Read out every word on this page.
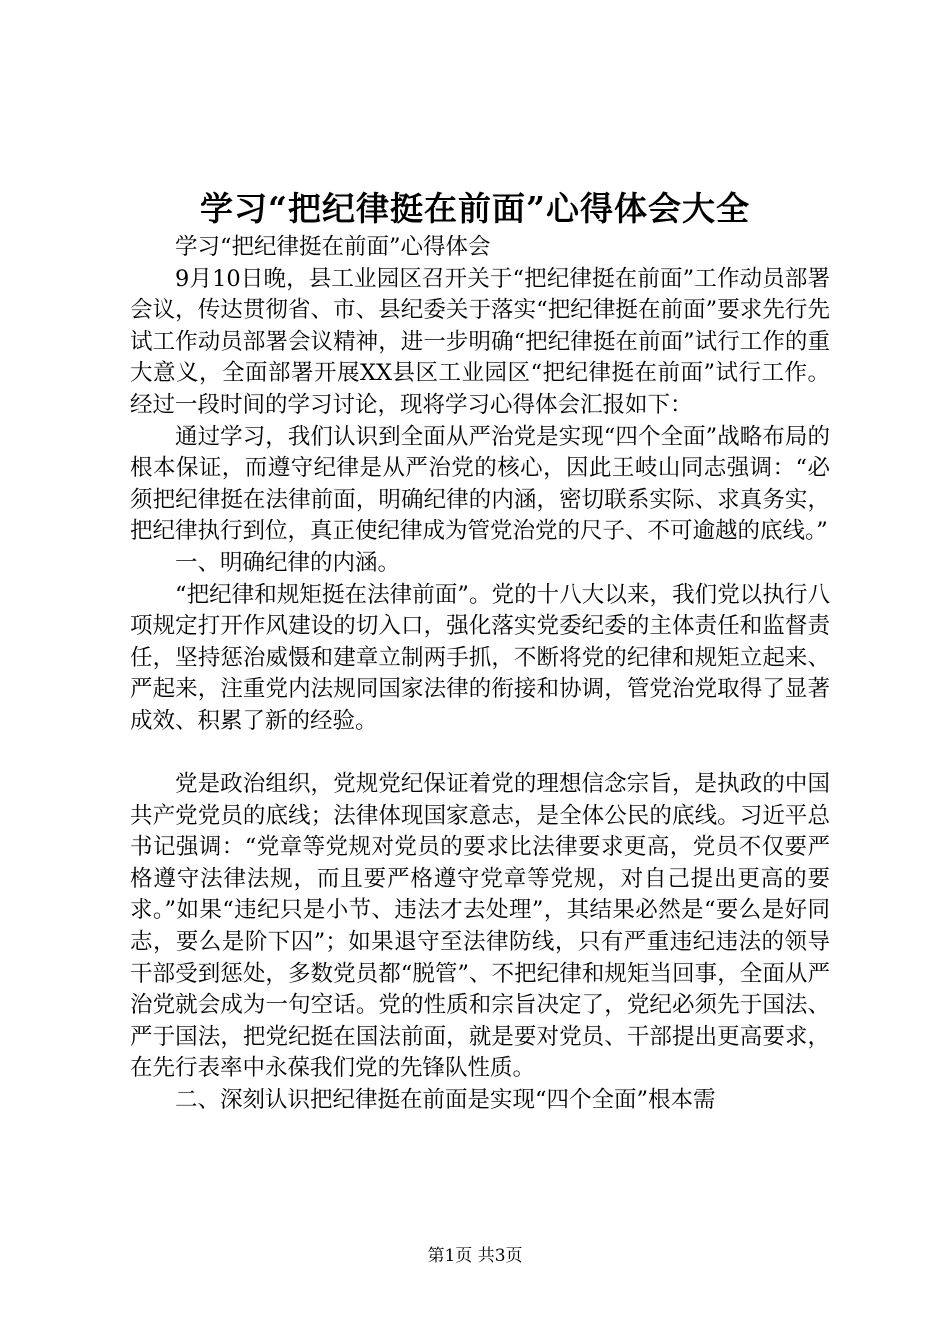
学习“把纪律挺在前面”心得体会大全

学习“把纪律挺在前面”心得体会

9月10日晚，县工业园区召开关于“把纪律挺在前面”工作动员部署会议，传达贯彻省、市、县纪委关于落实“把纪律挺在前面”要求先行先试工作动员部署会议精神，进一步明确“把纪律挺在前面”试行工作的重大意义，全面部署开展XX县区工业园区“把纪律挺在前面”试行工作。经过一段时间的学习讨论，现将学习心得体会汇报如下：

通过学习，我们认识到全面从严治党是实现“四个全面”战略布局的根本保证，而遵守纪律是从严治党的核心，因此王岐山同志强调：“必须把纪律挺在法律前面，明确纪律的内涵，密切联系实际、求真务实，把纪律执行到位，真正使纪律成为管党治党的尺子、不可逾越的底线。”

一、明确纪律的内涵。

“把纪律和规矩挺在法律前面”。党的十八大以来，我们党以执行八项规定打开作风建设的切入口，强化落实党委纪委的主体责任和监督责任，坚持惩治威慑和建章立制两手抓，不断将党的纪律和规矩立起来、严起来，注重党内法规同国家法律的衔接和协调，管党治党取得了显著成效、积累了新的经验。

党是政治组织，党规党纪保证着党的理想信念宗旨，是执政的中国共产党党员的底线；法律体现国家意志，是全体公民的底线。习近平总书记强调：“党章等党规对党员的要求比法律要求更高，党员不仅要严格遵守法律法规，而且要严格遵守党章等党规，对自己提出更高的要求。”如果“违纪只是小节、违法才去处理”，其结果必然是“要么是好同志，要么是阶下囚”；如果退守至法律防线，只有严重违纪违法的领导干部受到惩处，多数党员都“脱管”、不把纪律和规矩当回事，全面从严治党就会成为一句空话。党的性质和宗旨决定了，党纪必须先于国法、严于国法，把党纪挺在国法前面，就是要对党员、干部提出更高要求，在先行表率中永葆我们党的先锋队性质。

二、深刻认识把纪律挺在前面是实现“四个全面”根本需

第1页 共3页
